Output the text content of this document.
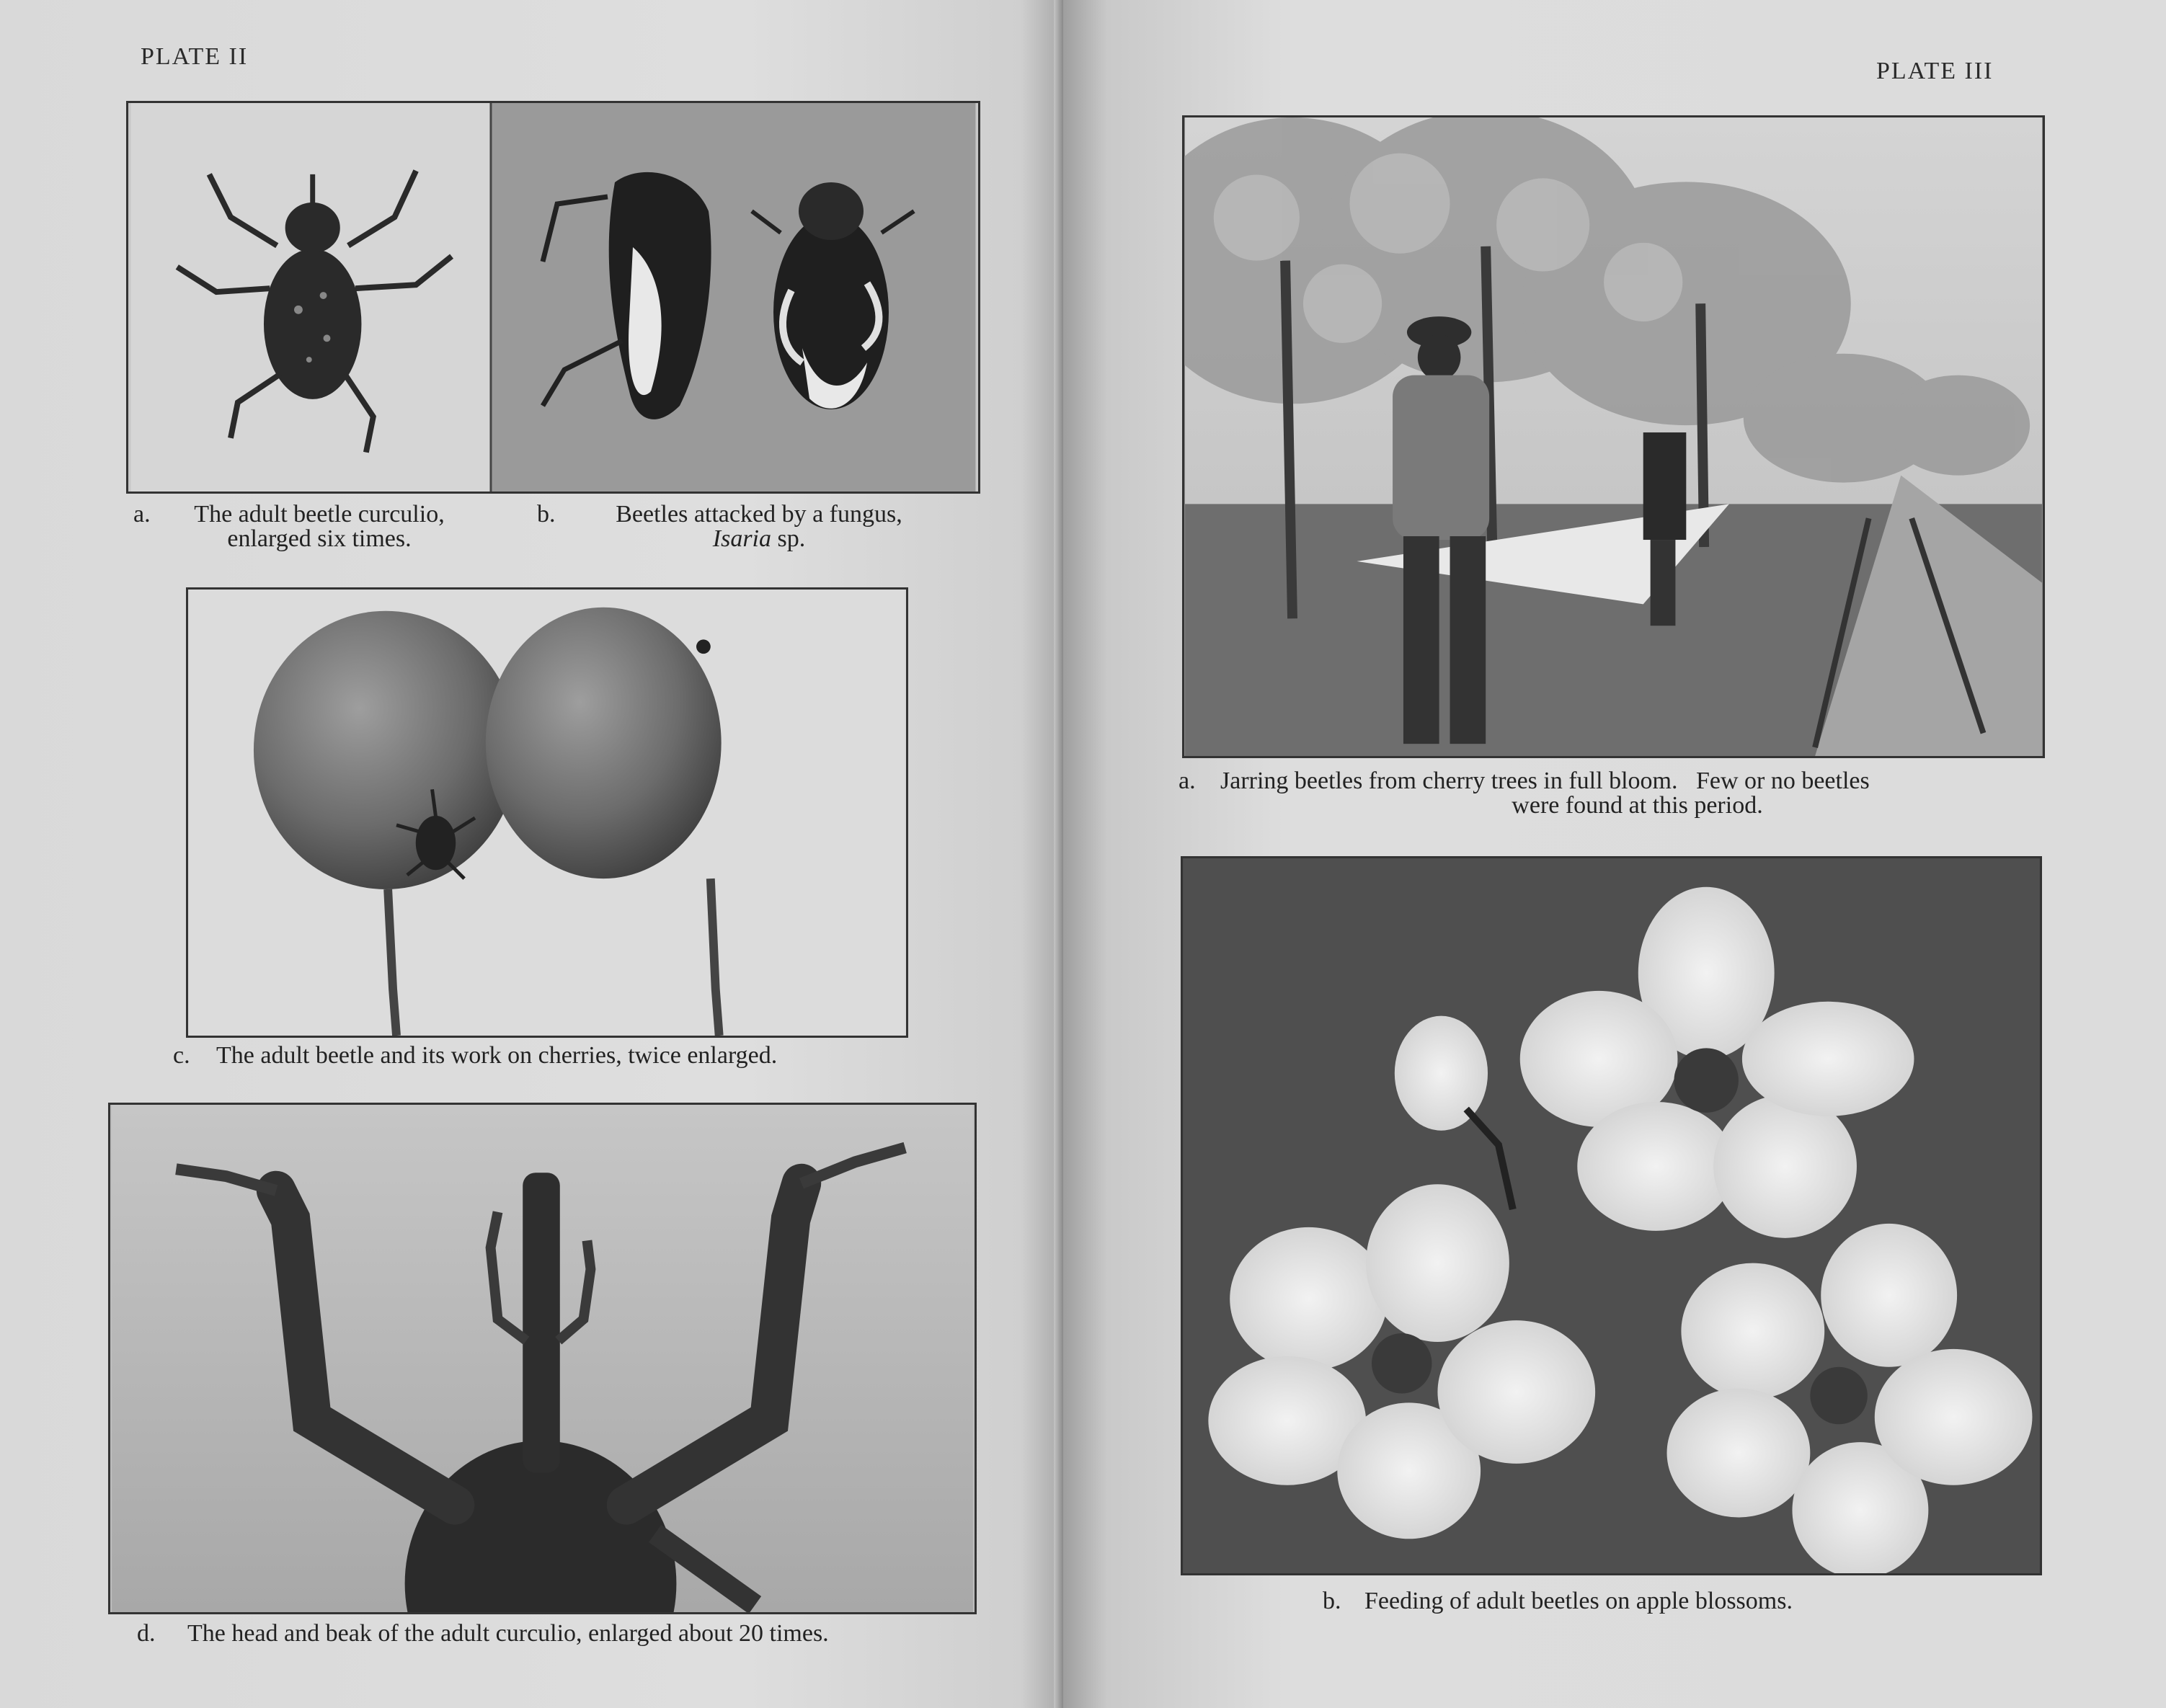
PLATE II
a.	The adult beetle curculio,
enlarged six times.
b.	Beetles attacked by a fungus,
Isaria sp.
c. The adult beetle and its work on cherries, twice enlarged.
d. The head and beak of the adult curculio, enlarged about 20 times.
PLATE III
a. Jarring beetles from cherry trees in full bloom.   Few or no beetles
were found at this period.
b. Feeding of adult beetles on apple blossoms.
